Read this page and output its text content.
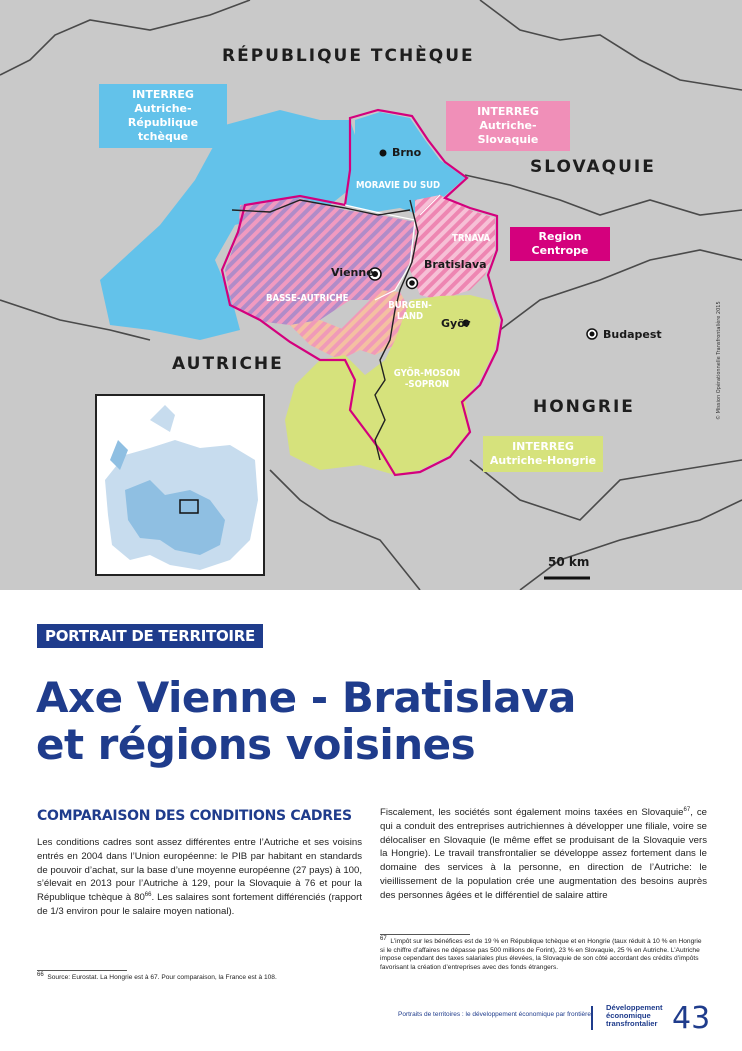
RÉPUBLIQUE TCHÈQUE
SLOVAQUIE
AUTRICHE
HONGRIE
MORAVIE DU SUD
TRNAVA
BASSE-AUTRICHE
BURGEN- LAND
GYÖR-MOSON -SOPRON
Brno
Vienne
Bratislava
Györ
Budapest
INTERREG Autriche-République tchèque
INTERREG Autriche-Slovaquie
Region Centrope
INTERREG Autriche-Hongrie
50 km
© Mission Opérationnelle Transfrontalière 2015
PORTRAIT DE TERRITOIRE
Axe Vienne - Bratislava
et régions voisines
COMPARAISON DES CONDITIONS CADRES
Les conditions cadres sont assez différentes entre l’Autriche et ses voisins entrés en 2004 dans l’Union européenne: le PIB par habitant en standards de pouvoir d’achat, sur la base d’une moyenne européenne (27 pays) à 100, s’élevait en 2013 pour l’Autriche à 129, pour la Slovaquie à 76 et pour la République tchèque à $80^{66}$. Les salaires sont fortement différenciés (rapport de 1/3 environ pour le salaire moyen national).
Fiscalement, les sociétés sont également moins taxées en Slovaquie$^{67}$, ce qui a conduit des entreprises autrichiennes à développer une filiale, voire se délocaliser en Slovaquie (le même effet se produisant de la Slovaquie vers la Hongrie). Le travail transfrontalier se développe assez fortement dans le domaine des services à la personne, en direction de l’Autriche: le vieillissement de la population crée une augmentation des besoins auprès des personnes âgées et le différentiel de salaire attire
$^{66}$ Source: Eurostat. La Hongrie est à 67. Pour comparaison, la France est à 108.
$^{67}$ L’impôt sur les bénéfices est de 19 % en République tchèque et en Hongrie (taux réduit à 10 % en Hongrie si le chiffre d’affaires ne dépasse pas 500 millions de Forint), 23 % en Slovaquie, 25 % en Autriche. L’Autriche impose cependant des taxes salariales plus élevées, la Slovaquie de son côté accordant des crédits d’impôts favorisant la création d’entreprises avec des fonds étrangers.
Portraits de territoires : le développement économique par frontière
Développement
économique
transfrontalier 43
